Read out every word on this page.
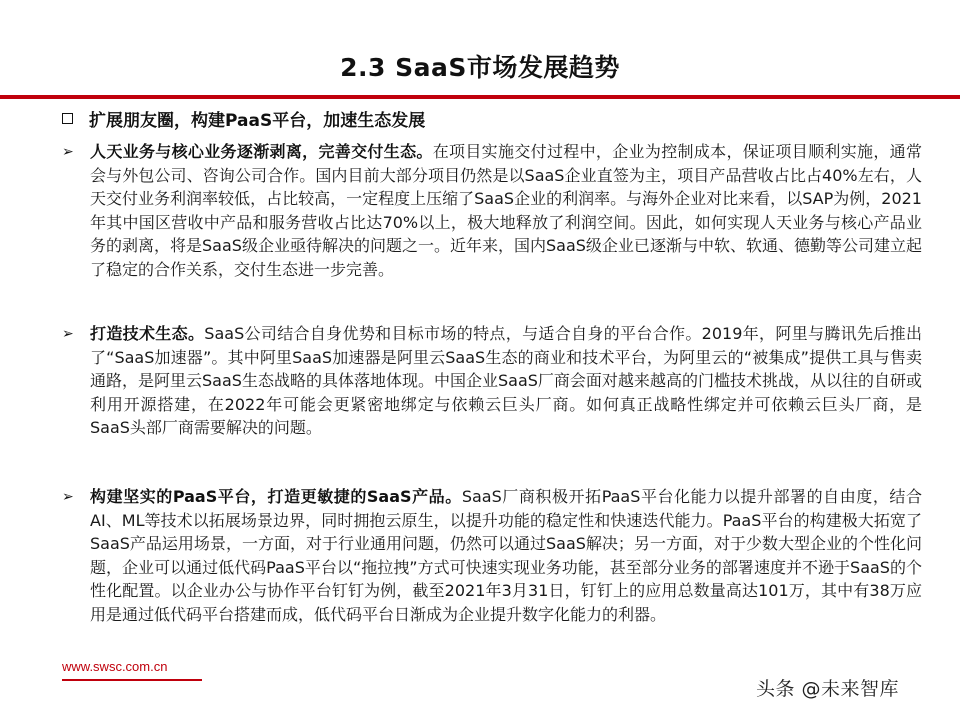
2.3 SaaS市场发展趋势
扩展朋友圈，构建PaaS平台，加速生态发展
➢	人天业务与核心业务逐渐剥离，完善交付生态。在项目实施交付过程中，企业为控制成本，保证项目顺利实施，通常会与外包公司、咨询公司合作。国内目前大部分项目仍然是以SaaS企业直签为主，项目产品营收占比占40%左右，人天交付业务利润率较低，占比较高，一定程度上压缩了SaaS企业的利润率。与海外企业对比来看，以SAP为例，2021年其中国区营收中产品和服务营收占比达70%以上，极大地释放了利润空间。因此，如何实现人天业务与核心产品业务的剥离，将是SaaS级企业亟待解决的问题之一。近年来，国内SaaS级企业已逐渐与中软、软通、德勤等公司建立起了稳定的合作关系，交付生态进一步完善。
➢	打造技术生态。SaaS公司结合自身优势和目标市场的特点，与适合自身的平台合作。2019年，阿里与腾讯先后推出了“SaaS加速器”。其中阿里SaaS加速器是阿里云SaaS生态的商业和技术平台，为阿里云的“被集成”提供工具与售卖通路，是阿里云SaaS生态战略的具体落地体现。中国企业SaaS厂商会面对越来越高的门槛技术挑战，从以往的自研或利用开源搭建，在2022年可能会更紧密地绑定与依赖云巨头厂商。如何真正战略性绑定并可依赖云巨头厂商，是SaaS头部厂商需要解决的问题。
➢	构建坚实的PaaS平台，打造更敏捷的SaaS产品。SaaS厂商积极开拓PaaS平台化能力以提升部署的自由度，结合AI、ML等技术以拓展场景边界，同时拥抱云原生，以提升功能的稳定性和快速迭代能力。PaaS平台的构建极大拓宽了SaaS产品运用场景，一方面，对于行业通用问题，仍然可以通过SaaS解决；另一方面，对于少数大型企业的个性化问题，企业可以通过低代码PaaS平台以“拖拉拽”方式可快速实现业务功能，甚至部分业务的部署速度并不逊于SaaS的个性化配置。以企业办公与协作平台钉钉为例，截至2021年3月31日，钉钉上的应用总数量高达101万，其中有38万应用是通过低代码平台搭建而成，低代码平台日渐成为企业提升数字化能力的利器。
www.swsc.com.cn
头条 @未来智库
